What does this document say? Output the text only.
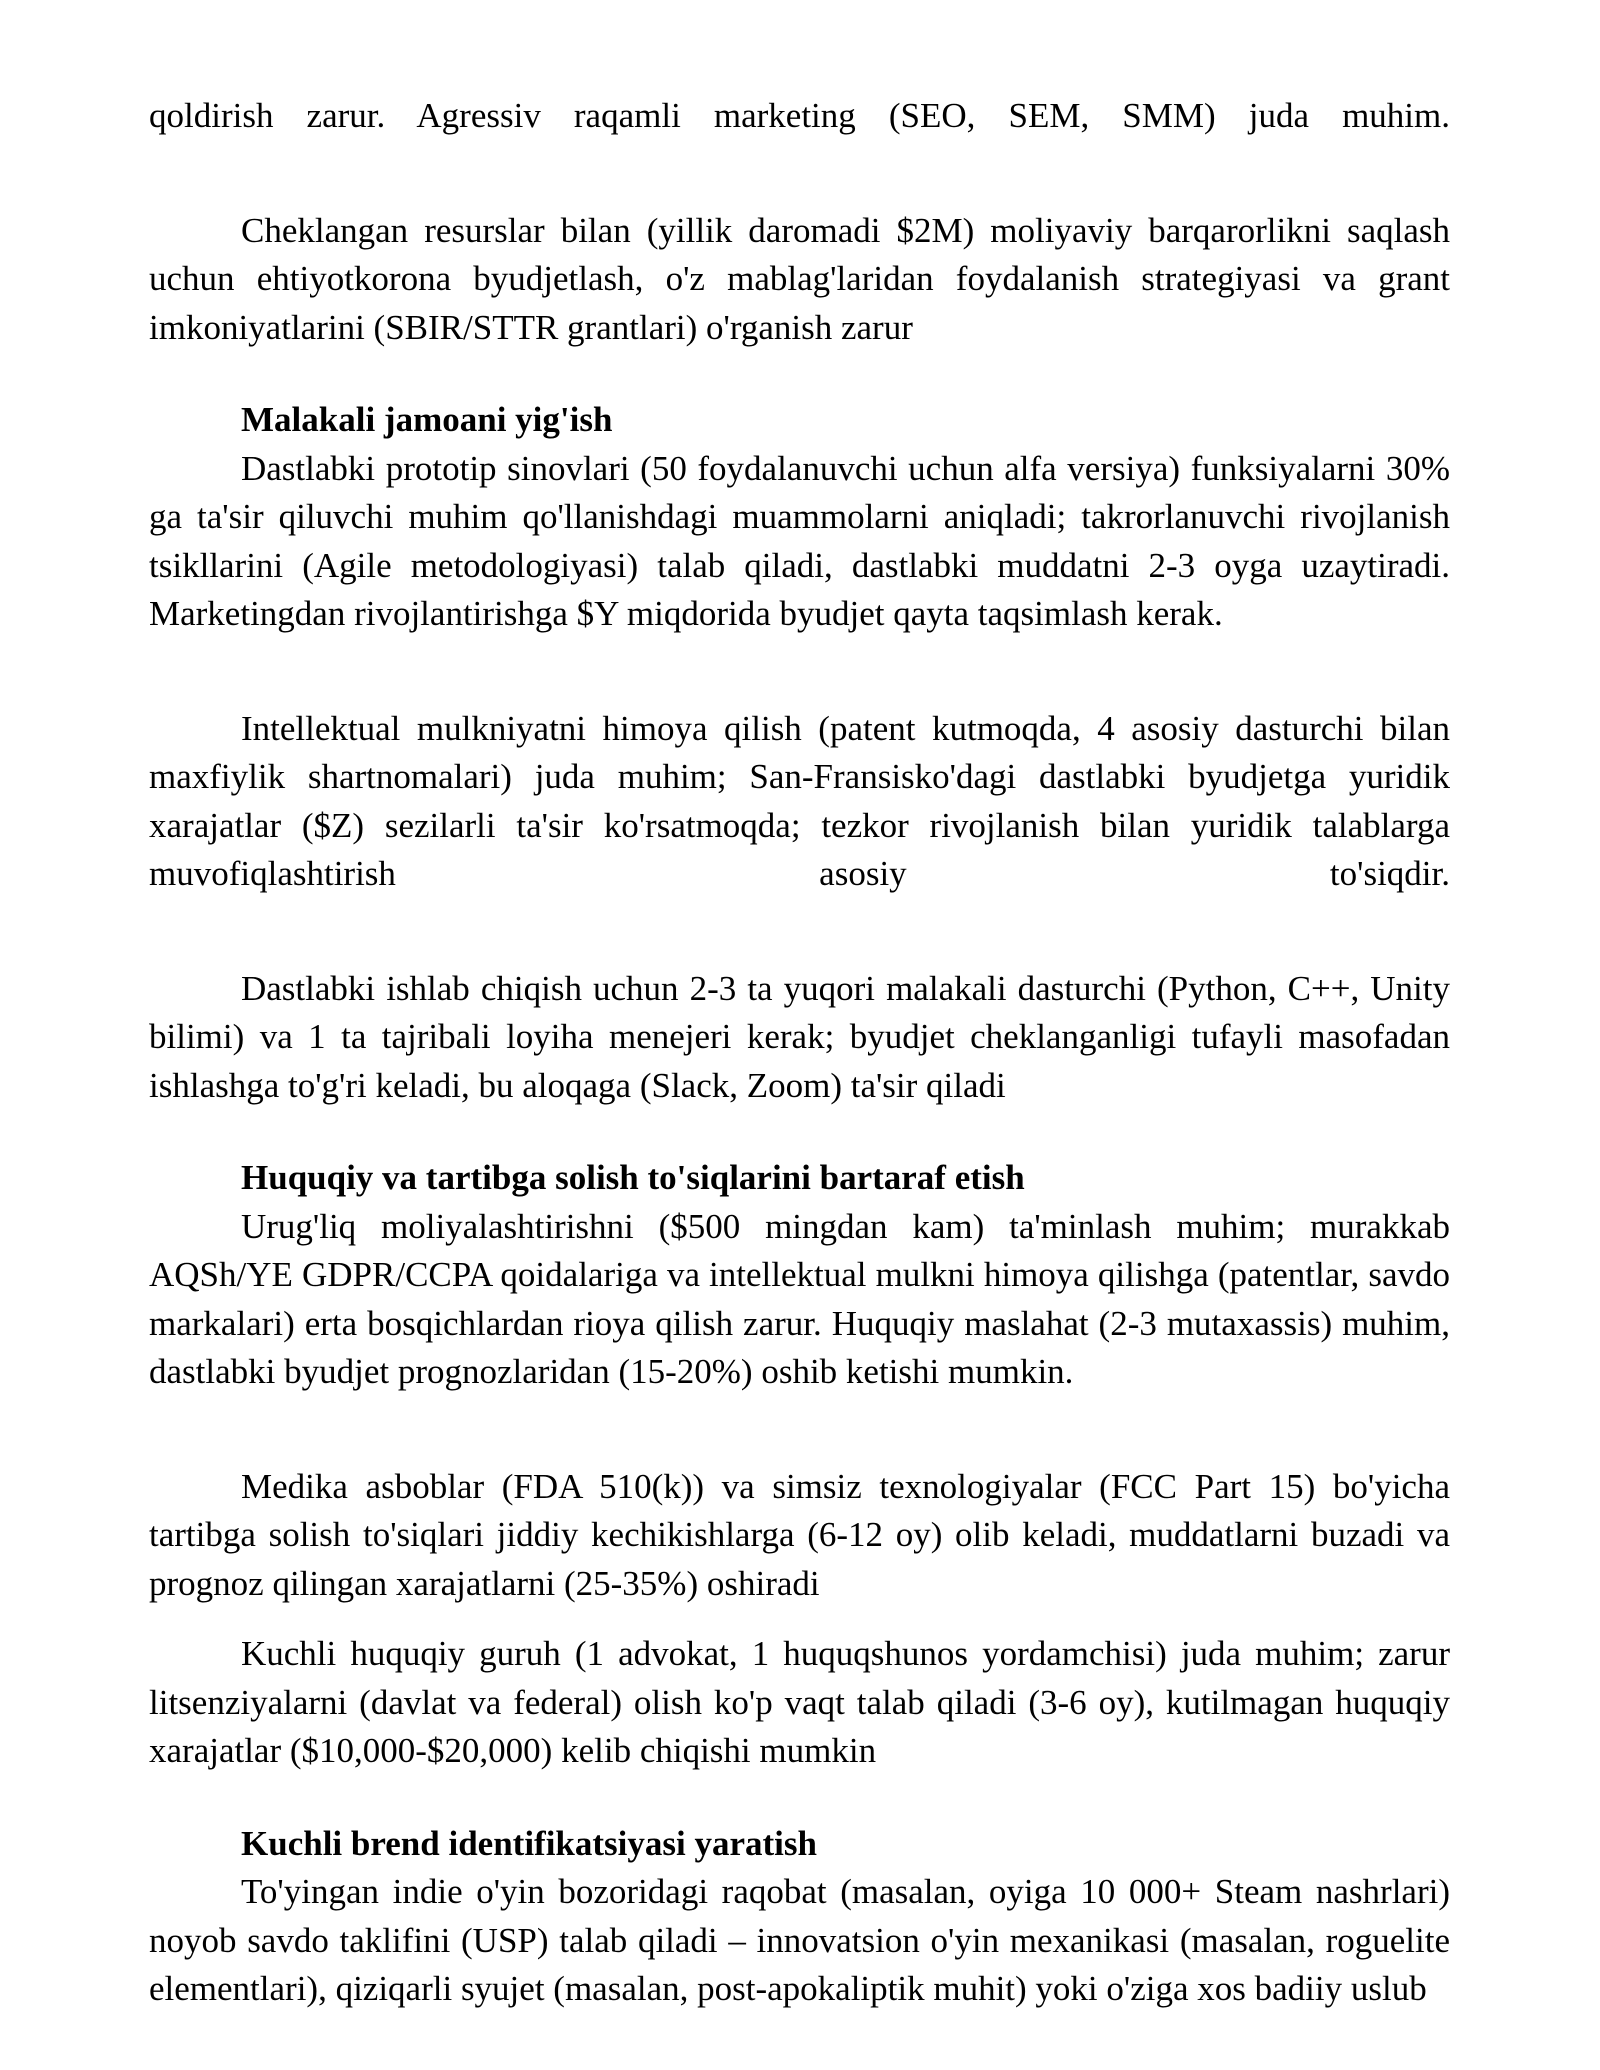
qoldirish zarur. Agressiv raqamli marketing (SEO, SEM, SMM) juda muhim.

Cheklangan resurslar bilan (yillik daromadi $2M) moliyaviy barqarorlikni saqlash uchun ehtiyotkorona byudjetlash, o'z mablag'laridan foydalanish strategiyasi va grant imkoniyatlarini (SBIR/STTR grantlari) o'rganish zarur

Malakali jamoani yig'ish

Dastlabki prototip sinovlari (50 foydalanuvchi uchun alfa versiya) funksiyalarni 30% ga ta'sir qiluvchi muhim qo'llanishdagi muammolarni aniqladi; takrorlanuvchi rivojlanish tsikllarini (Agile metodologiyasi) talab qiladi, dastlabki muddatni 2-3 oyga uzaytiradi. Marketingdan rivojlantirishga $Y miqdorida byudjet qayta taqsimlash kerak.

Intellektual mulkniyatni himoya qilish (patent kutmoqda, 4 asosiy dasturchi bilan maxfiylik shartnomalari) juda muhim; San-Fransisko'dagi dastlabki byudjetga yuridik xarajatlar ($Z) sezilarli ta'sir ko'rsatmoqda; tezkor rivojlanish bilan yuridik talablarga muvofiqlashtirish asosiy to'siqdir.

Dastlabki ishlab chiqish uchun 2-3 ta yuqori malakali dasturchi (Python, C++, Unity bilimi) va 1 ta tajribali loyiha menejeri kerak; byudjet cheklanganligi tufayli masofadan ishlashga to'g'ri keladi, bu aloqaga (Slack, Zoom) ta'sir qiladi

Huquqiy va tartibga solish to'siqlarini bartaraf etish

Urug'liq moliyalashtirishni ($500 mingdan kam) ta'minlash muhim; murakkab AQSh/YE GDPR/CCPA qoidalariga va intellektual mulkni himoya qilishga (patentlar, savdo markalari) erta bosqichlardan rioya qilish zarur. Huquqiy maslahat (2-3 mutaxassis) muhim, dastlabki byudjet prognozlaridan (15-20%) oshib ketishi mumkin.

Medika asboblar (FDA 510(k)) va simsiz texnologiyalar (FCC Part 15) bo'yicha tartibga solish to'siqlari jiddiy kechikishlarga (6-12 oy) olib keladi, muddatlarni buzadi va prognoz qilingan xarajatlarni (25-35%) oshiradi

Kuchli huquqiy guruh (1 advokat, 1 huquqshunos yordamchisi) juda muhim; zarur litsenziyalarni (davlat va federal) olish ko'p vaqt talab qiladi (3-6 oy), kutilmagan huquqiy xarajatlar ($10,000-$20,000) kelib chiqishi mumkin

Kuchli brend identifikatsiyasi yaratish

To'yingan indie o'yin bozoridagi raqobat (masalan, oyiga 10 000+ Steam nashrlari) noyob savdo taklifini (USP) talab qiladi – innovatsion o'yin mexanikasi (masalan, roguelite elementlari), qiziqarli syujet (masalan, post-apokaliptik muhit) yoki o'ziga xos badiiy uslub
